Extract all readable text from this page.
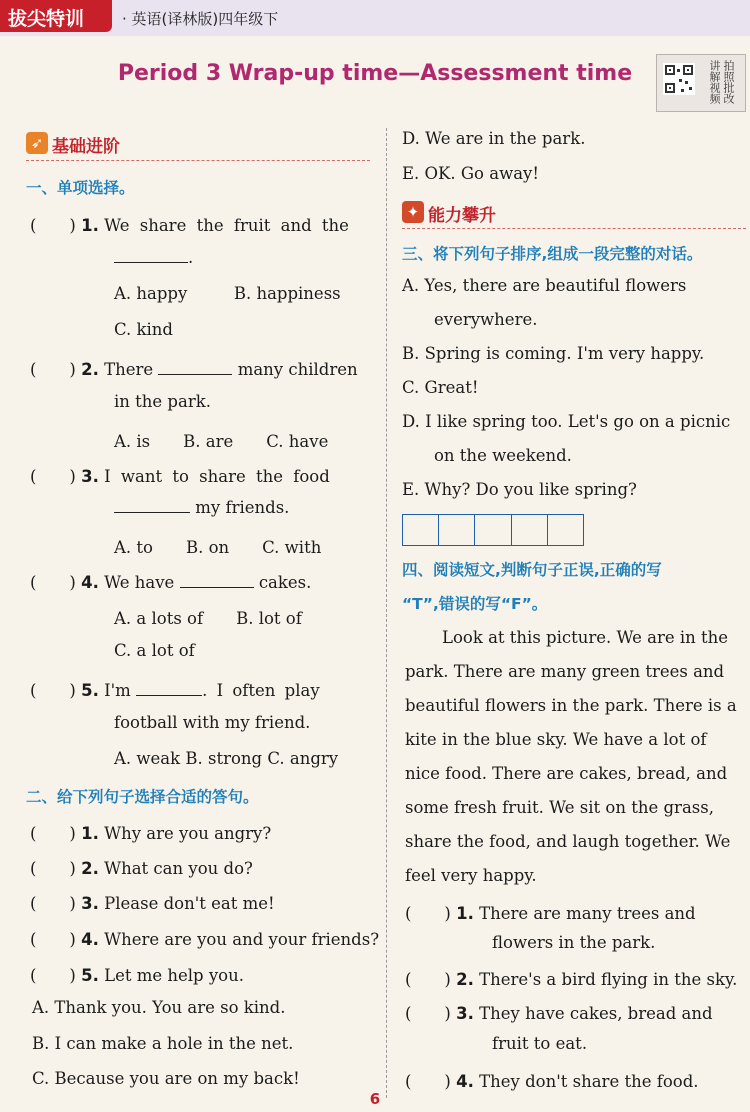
拔尖特训	· 英语(译林版)四年级下
Period 3 Wrap-up time—Assessment time	讲解视频 拍照批改
➶ 基础进阶
一、单项选择。
(　　) 1. We share the fruit and the
.
A. happy	B. happiness
C. kind
(　　) 2. There	many children
in the park.
A. is　　B. are　　C. have
(　　) 3. I want to share the food
my friends.
A. to　　B. on　　C. with
(　　) 4. We have	cakes.
A. a lots of　　B. lot of
C. a lot of
(　　) 5. I'm	. I often play
football with my friend.
A. weak B. strong C. angry
二、给下列句子选择合适的答句。
(　　) 1. Why are you angry?
(　　) 2. What can you do?
(　　) 3. Please don't eat me!
(　　) 4. Where are you and your friends?
(　　) 5. Let me help you.
A. Thank you. You are so kind.
B. I can make a hole in the net.
C. Because you are on my back!
D. We are in the park.
E. OK. Go away!
✦ 能力攀升
三、将下列句子排序,组成一段完整的对话。
A. Yes, there are beautiful flowers
everywhere.
B. Spring is coming. I'm very happy.
C. Great!
D. I like spring too. Let's go on a picnic
on the weekend.
E. Why? Do you like spring?
四、阅读短文,判断句子正误,正确的写
“T”,错误的写“F”。
Look at this picture. We are in the
park. There are many green trees and
beautiful flowers in the park. There is a
kite in the blue sky. We have a lot of
nice food. There are cakes, bread, and
some fresh fruit. We sit on the grass,
share the food, and laugh together. We
feel very happy.
(　　) 1. There are many trees and
flowers in the park.
(　　) 2. There's a bird flying in the sky.
(　　) 3. They have cakes, bread and
fruit to eat.
(　　) 4. They don't share the food.
6
